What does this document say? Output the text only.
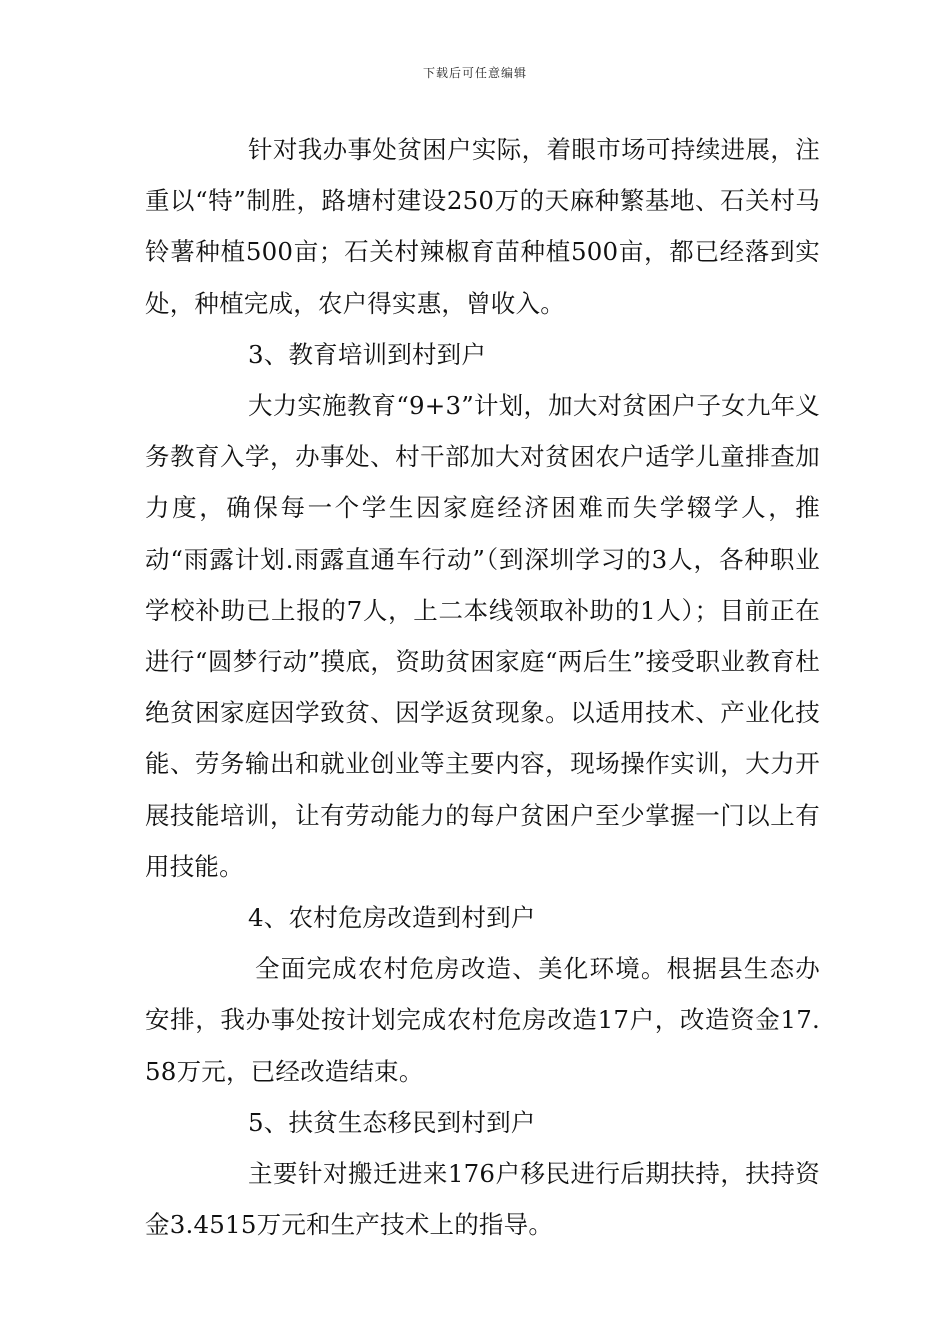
下载后可任意编辑

针对我办事处贫困户实际，着眼市场可持续进展，注重以“特”制胜，路塘村建设250万的天麻种繁基地、石关村马铃薯种植500亩；石关村辣椒育苗种植500亩，都已经落到实处，种植完成，农户得实惠，曾收入。

3、教育培训到村到户

大力实施教育“9+3”计划，加大对贫困户子女九年义务教育入学，办事处、村干部加大对贫困农户适学儿童排查加力度，确保每一个学生因家庭经济困难而失学辍学人，推动“雨露计划.雨露直通车行动”（到深圳学习的3人，各种职业学校补助已上报的7人，上二本线领取补助的1人）；目前正在进行“圆梦行动”摸底，资助贫困家庭“两后生”接受职业教育杜绝贫困家庭因学致贫、因学返贫现象。以适用技术、产业化技能、劳务输出和就业创业等主要内容，现场操作实训，大力开展技能培训，让有劳动能力的每户贫困户至少掌握一门以上有用技能。

4、农村危房改造到村到户

全面完成农村危房改造、美化环境。根据县生态办安排，我办事处按计划完成农村危房改造17户，改造资金17.58万元，已经改造结束。

5、扶贫生态移民到村到户

主要针对搬迁进来176户移民进行后期扶持，扶持资金3.4515万元和生产技术上的指导。
